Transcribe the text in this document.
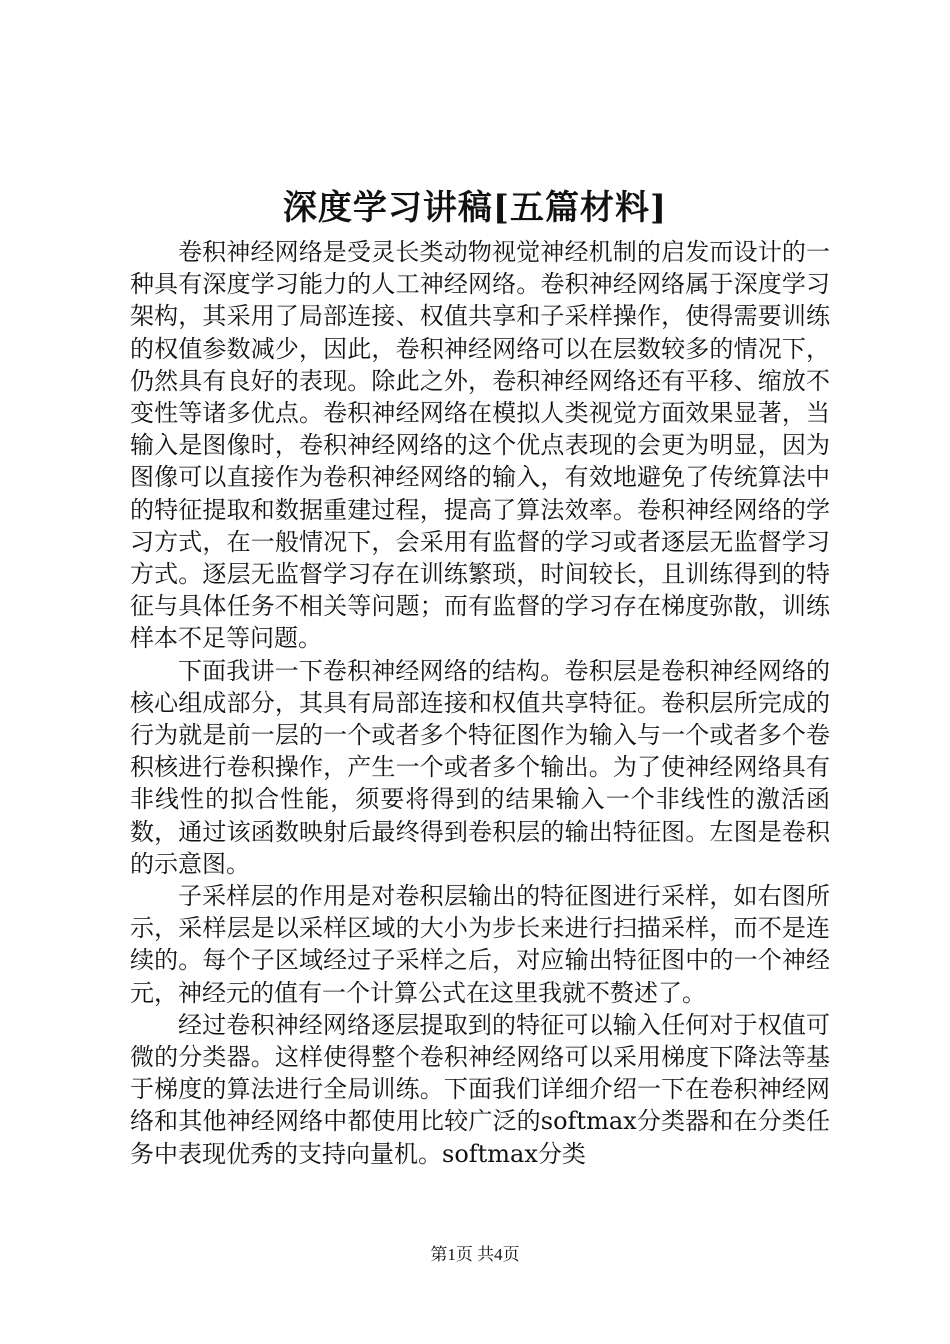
深度学习讲稿[五篇材料]

卷积神经网络是受灵长类动物视觉神经机制的启发而设计的一种具有深度学习能力的人工神经网络。卷积神经网络属于深度学习架构，其采用了局部连接、权值共享和子采样操作，使得需要训练的权值参数减少，因此，卷积神经网络可以在层数较多的情况下，仍然具有良好的表现。除此之外，卷积神经网络还有平移、缩放不变性等诸多优点。卷积神经网络在模拟人类视觉方面效果显著，当输入是图像时，卷积神经网络的这个优点表现的会更为明显，因为图像可以直接作为卷积神经网络的输入，有效地避免了传统算法中的特征提取和数据重建过程，提高了算法效率。卷积神经网络的学习方式，在一般情况下，会采用有监督的学习或者逐层无监督学习方式。逐层无监督学习存在训练繁琐，时间较长，且训练得到的特征与具体任务不相关等问题；而有监督的学习存在梯度弥散，训练样本不足等问题。

下面我讲一下卷积神经网络的结构。卷积层是卷积神经网络的核心组成部分，其具有局部连接和权值共享特征。卷积层所完成的行为就是前一层的一个或者多个特征图作为输入与一个或者多个卷积核进行卷积操作，产生一个或者多个输出。为了使神经网络具有非线性的拟合性能，须要将得到的结果输入一个非线性的激活函数，通过该函数映射后最终得到卷积层的输出特征图。左图是卷积的示意图。

子采样层的作用是对卷积层输出的特征图进行采样，如右图所示，采样层是以采样区域的大小为步长来进行扫描采样，而不是连续的。每个子区域经过子采样之后，对应输出特征图中的一个神经元，神经元的值有一个计算公式在这里我就不赘述了。

经过卷积神经网络逐层提取到的特征可以输入任何对于权值可微的分类器。这样使得整个卷积神经网络可以采用梯度下降法等基于梯度的算法进行全局训练。下面我们详细介绍一下在卷积神经网络和其他神经网络中都使用比较广泛的softmax分类器和在分类任务中表现优秀的支持向量机。softmax分类

第1页 共4页
